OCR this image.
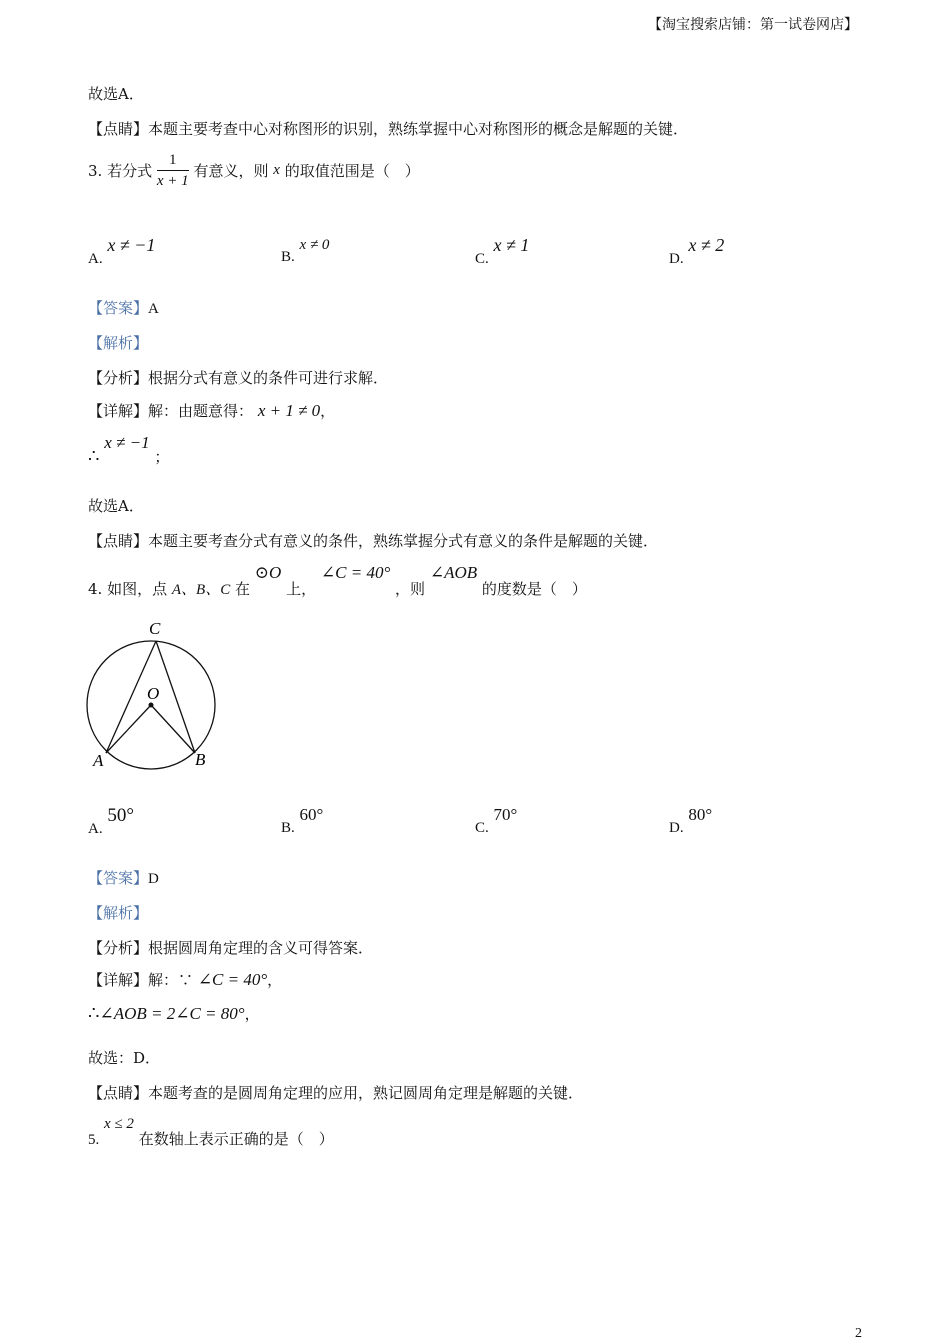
【淘宝搜索店铺：第一试卷网店】
故选A．
【点睛】本题主要考查中心对称图形的识别，熟练掌握中心对称图形的概念是解题的关键．
3. 若分式 $\frac{1}{x + 1}$ 有意义，则 x 的取值范围是（　）
A. x ≠ −1
B. x ≠ 0
C. x ≠ 1
D. x ≠ 2
【答案】A
【解析】
【分析】根据分式有意义的条件可进行求解．
【详解】解：由题意得： x + 1 ≠ 0，
∴ x ≠ −1 ；
故选A．
【点睛】本题主要考查分式有意义的条件，熟练掌握分式有意义的条件是解题的关键．
4. 如图，点 A、B、C 在 ⊙O 上， ∠C = 40° ，则 ∠AOB 的度数是（　）
C
O
A	B
A. 50°
B. 60°
C. 70°
D. 80°
【答案】D
【解析】
【分析】根据圆周角定理的含义可得答案．
【详解】解：∵ ∠C = 40°，
∴∠AOB = 2∠C = 80°，
故选：D．
【点睛】本题考查的是圆周角定理的应用，熟记圆周角定理是解题的关键．
5. x ≤ 2 在数轴上表示正确的是（　）
2
